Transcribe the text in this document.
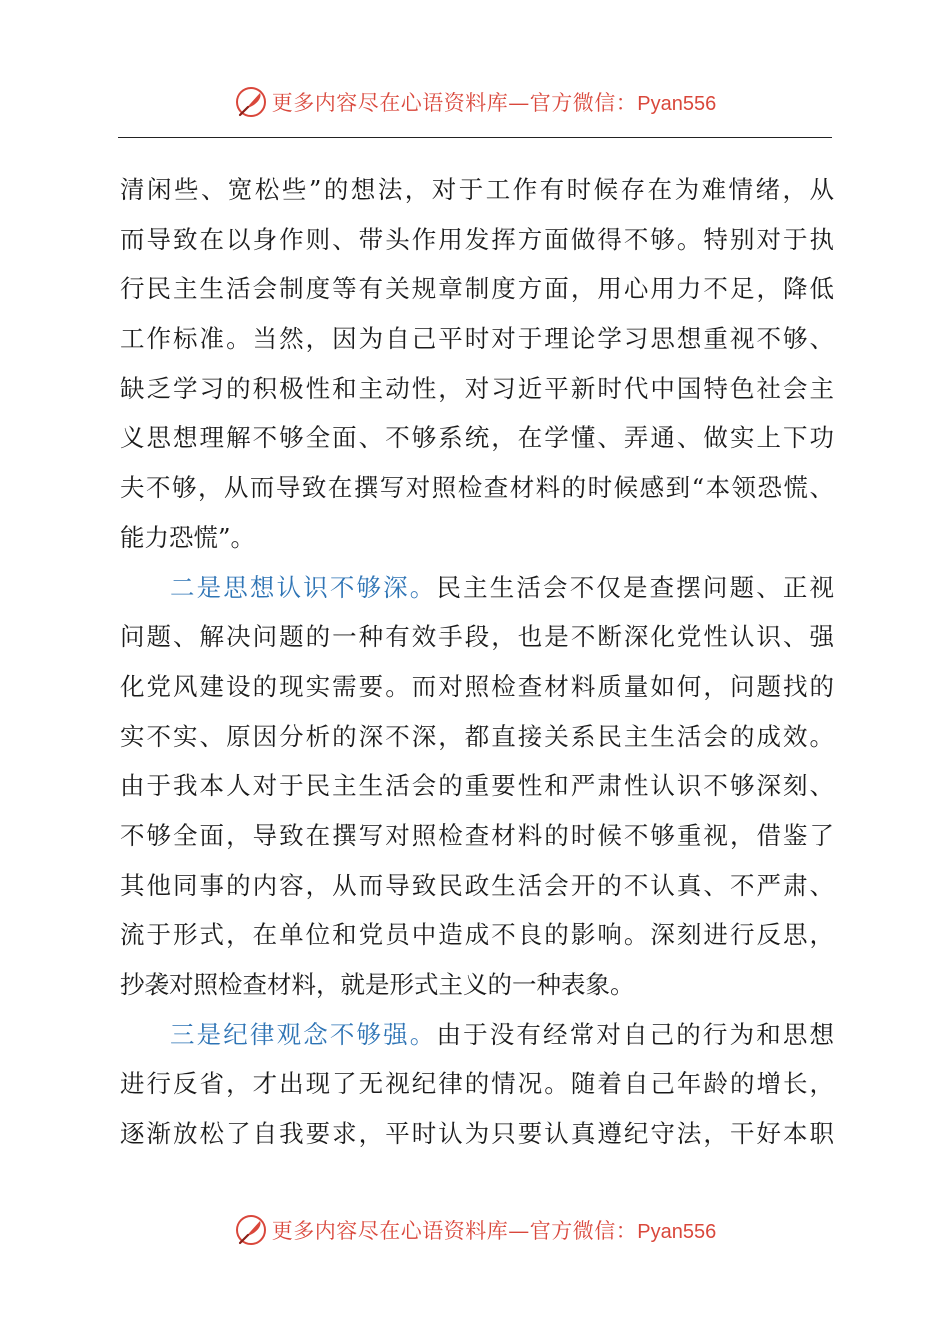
更多内容尽在心语资料库—官方微信：Pyan556
清闲些、宽松些”的想法，对于工作有时候存在为难情绪，从
而导致在以身作则、带头作用发挥方面做得不够。特别对于执
行民主生活会制度等有关规章制度方面，用心用力不足，降低
工作标准。当然，因为自己平时对于理论学习思想重视不够、
缺乏学习的积极性和主动性，对习近平新时代中国特色社会主
义思想理解不够全面、不够系统，在学懂、弄通、做实上下功
夫不够，从而导致在撰写对照检查材料的时候感到“本领恐慌、
能力恐慌”。
二是思想认识不够深。民主生活会不仅是查摆问题、正视
问题、解决问题的一种有效手段，也是不断深化党性认识、强
化党风建设的现实需要。而对照检查材料质量如何，问题找的
实不实、原因分析的深不深，都直接关系民主生活会的成效。
由于我本人对于民主生活会的重要性和严肃性认识不够深刻、
不够全面，导致在撰写对照检查材料的时候不够重视，借鉴了
其他同事的内容，从而导致民政生活会开的不认真、不严肃、
流于形式，在单位和党员中造成不良的影响。深刻进行反思，
抄袭对照检查材料，就是形式主义的一种表象。
三是纪律观念不够强。由于没有经常对自己的行为和思想
进行反省，才出现了无视纪律的情况。随着自己年龄的增长，
逐渐放松了自我要求，平时认为只要认真遵纪守法，干好本职
更多内容尽在心语资料库—官方微信：Pyan556
